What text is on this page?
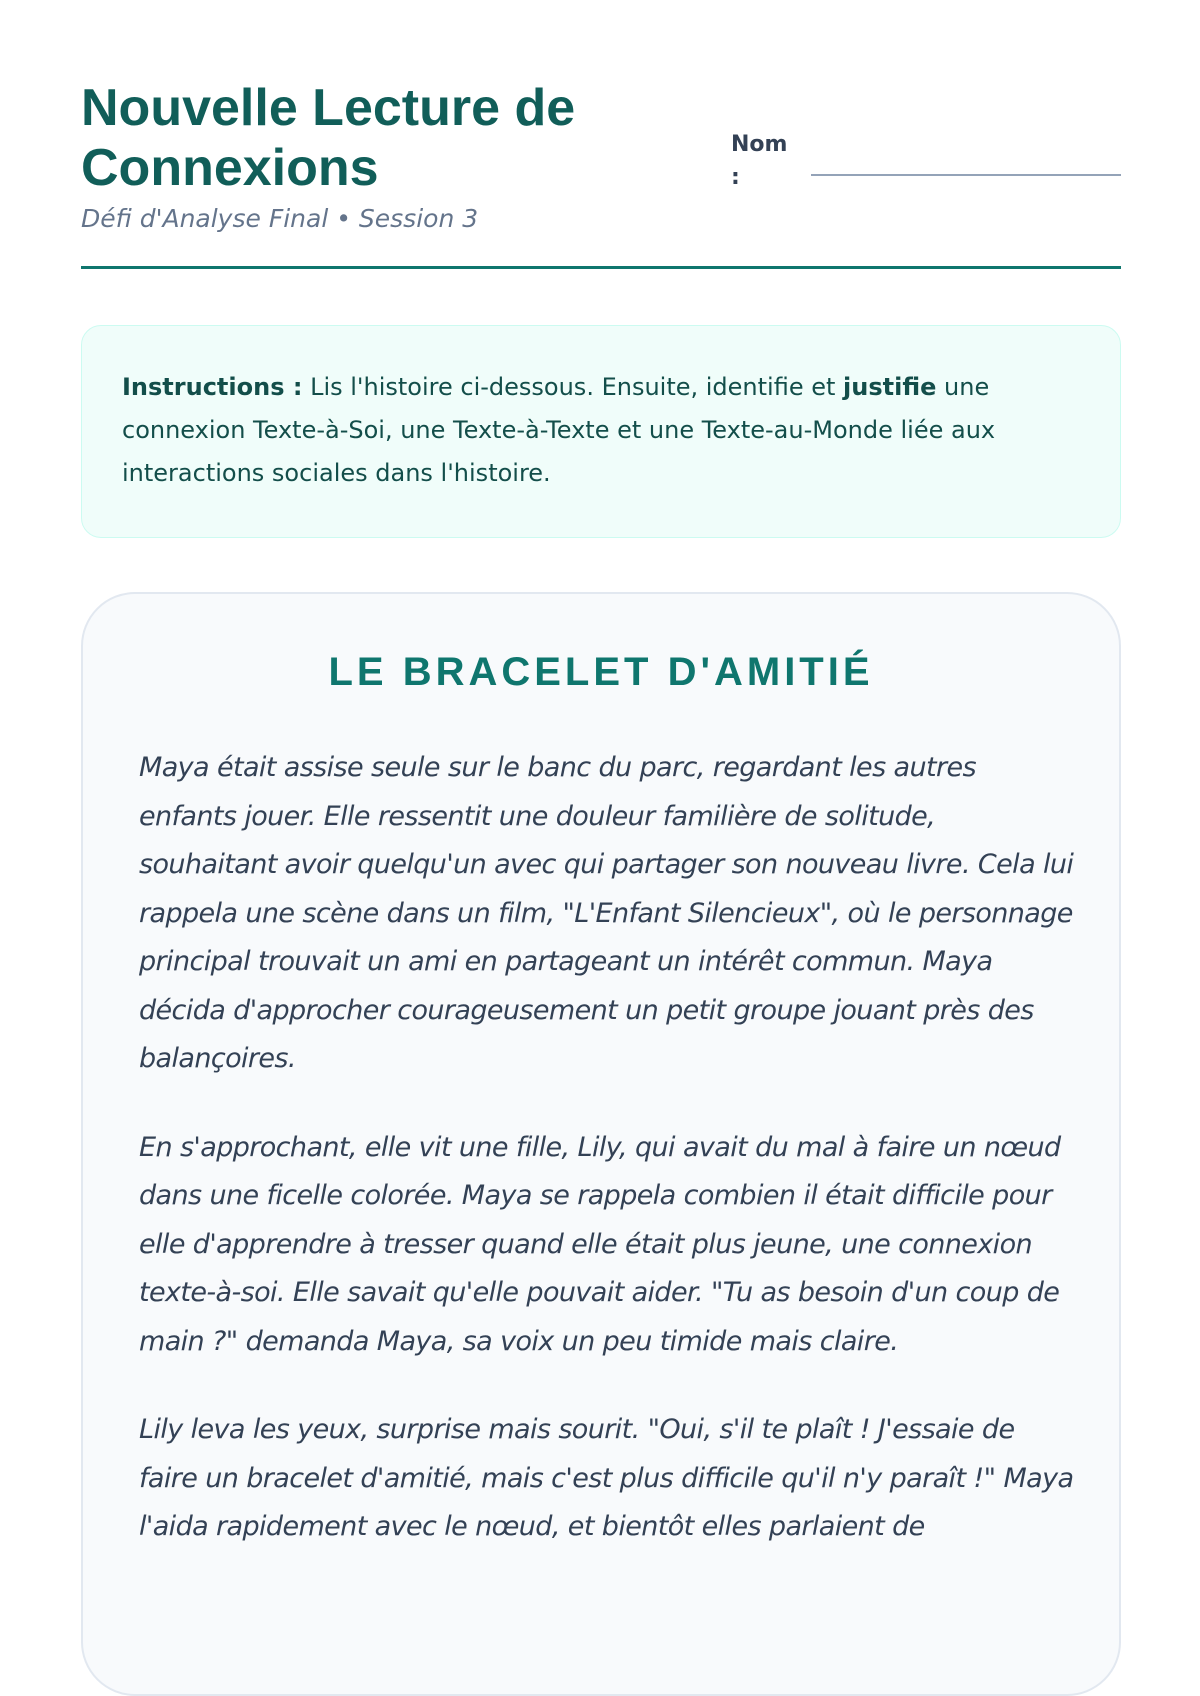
Nouvelle Lecture de Connexions
Défi d'Analyse Final • Session 3
Nom :
Instructions : Lis l'histoire ci-dessous. Ensuite, identifie et justifie une connexion Texte-à-Soi, une Texte-à-Texte et une Texte-au-Monde liée aux interactions sociales dans l'histoire.
LE BRACELET D'AMITIÉ

Maya était assise seule sur le banc du parc, regardant les autres enfants jouer. Elle ressentit une douleur familière de solitude, souhaitant avoir quelqu'un avec qui partager son nouveau livre. Cela lui rappela une scène dans un film, "L'Enfant Silencieux", où le personnage principal trouvait un ami en partageant un intérêt commun. Maya décida d'approcher courageusement un petit groupe jouant près des balançoires.

En s'approchant, elle vit une fille, Lily, qui avait du mal à faire un nœud dans une ficelle colorée. Maya se rappela combien il était difficile pour elle d'apprendre à tresser quand elle était plus jeune, une connexion texte-à-soi. Elle savait qu'elle pouvait aider. "Tu as besoin d'un coup de main ?" demanda Maya, sa voix un peu timide mais claire.

Lily leva les yeux, surprise mais sourit. "Oui, s'il te plaît ! J'essaie de faire un bracelet d'amitié, mais c'est plus difficile qu'il n'y paraît !" Maya l'aida rapidement avec le nœud, et bientôt elles parlaient de
